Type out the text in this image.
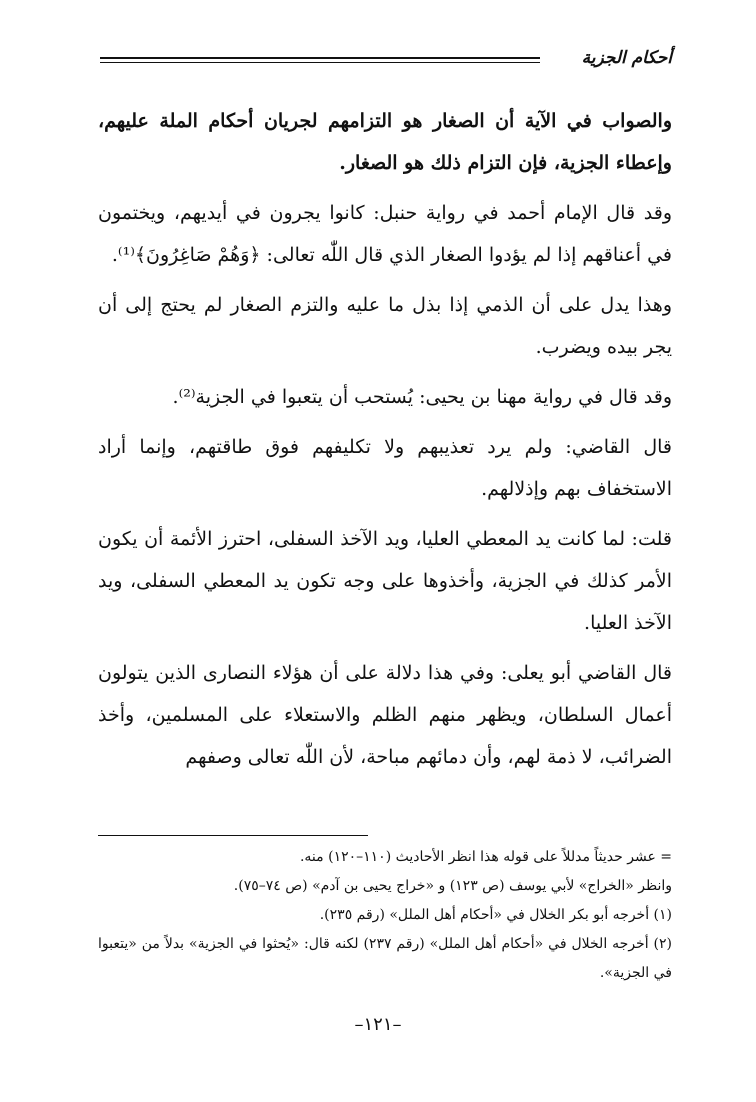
أحكام الجزية

والصواب في الآية أن الصغار هو التزامهم لجريان أحكام الملة عليهم، وإعطاء الجزية، فإن التزام ذلك هو الصغار.

وقد قال الإمام أحمد في رواية حنبل: كانوا يجرون في أيديهم، ويختمون في أعناقهم إذا لم يؤدوا الصغار الذي قال اللّٰه تعالى: ﴿وَهُمْ صَاغِرُونَ﴾⁽¹⁾.

وهذا يدل على أن الذمي إذا بذل ما عليه والتزم الصغار لم يحتج إلى أن يجر بيده ويضرب.

وقد قال في رواية مهنا بن يحيى: يُستحب أن يتعبوا في الجزية⁽²⁾.

قال القاضي: ولم يرد تعذيبهم ولا تكليفهم فوق طاقتهم، وإنما أراد الاستخفاف بهم وإذلالهم.

قلت: لما كانت يد المعطي العليا، ويد الآخذ السفلى، احترز الأئمة أن يكون الأمر كذلك في الجزية، وأخذوها على وجه تكون يد المعطي السفلى، ويد الآخذ العليا.

قال القاضي أبو يعلى: وفي هذا دلالة على أن هؤلاء النصارى الذين يتولون أعمال السلطان، ويظهر منهم الظلم والاستعلاء على المسلمين، وأخذ الضرائب، لا ذمة لهم، وأن دمائهم مباحة، لأن اللّٰه تعالى وصفهم

= عشر حديثاً مدللاً على قوله هذا انظر الأحاديث (١١٠–١٢٠) منه.

وانظر «الخراج» لأبي يوسف (ص ١٢٣) و «خراج يحيى بن آدم» (ص ٧٤–٧٥).

(١) أخرجه أبو بكر الخلال في «أحكام أهل الملل» (رقم ٢٣٥).

(٢) أخرجه الخلال في «أحكام أهل الملل» (رقم ٢٣٧) لكنه قال: «يُحثوا في الجزية» بدلاً من «يتعبوا في الجزية».

–١٢١–
